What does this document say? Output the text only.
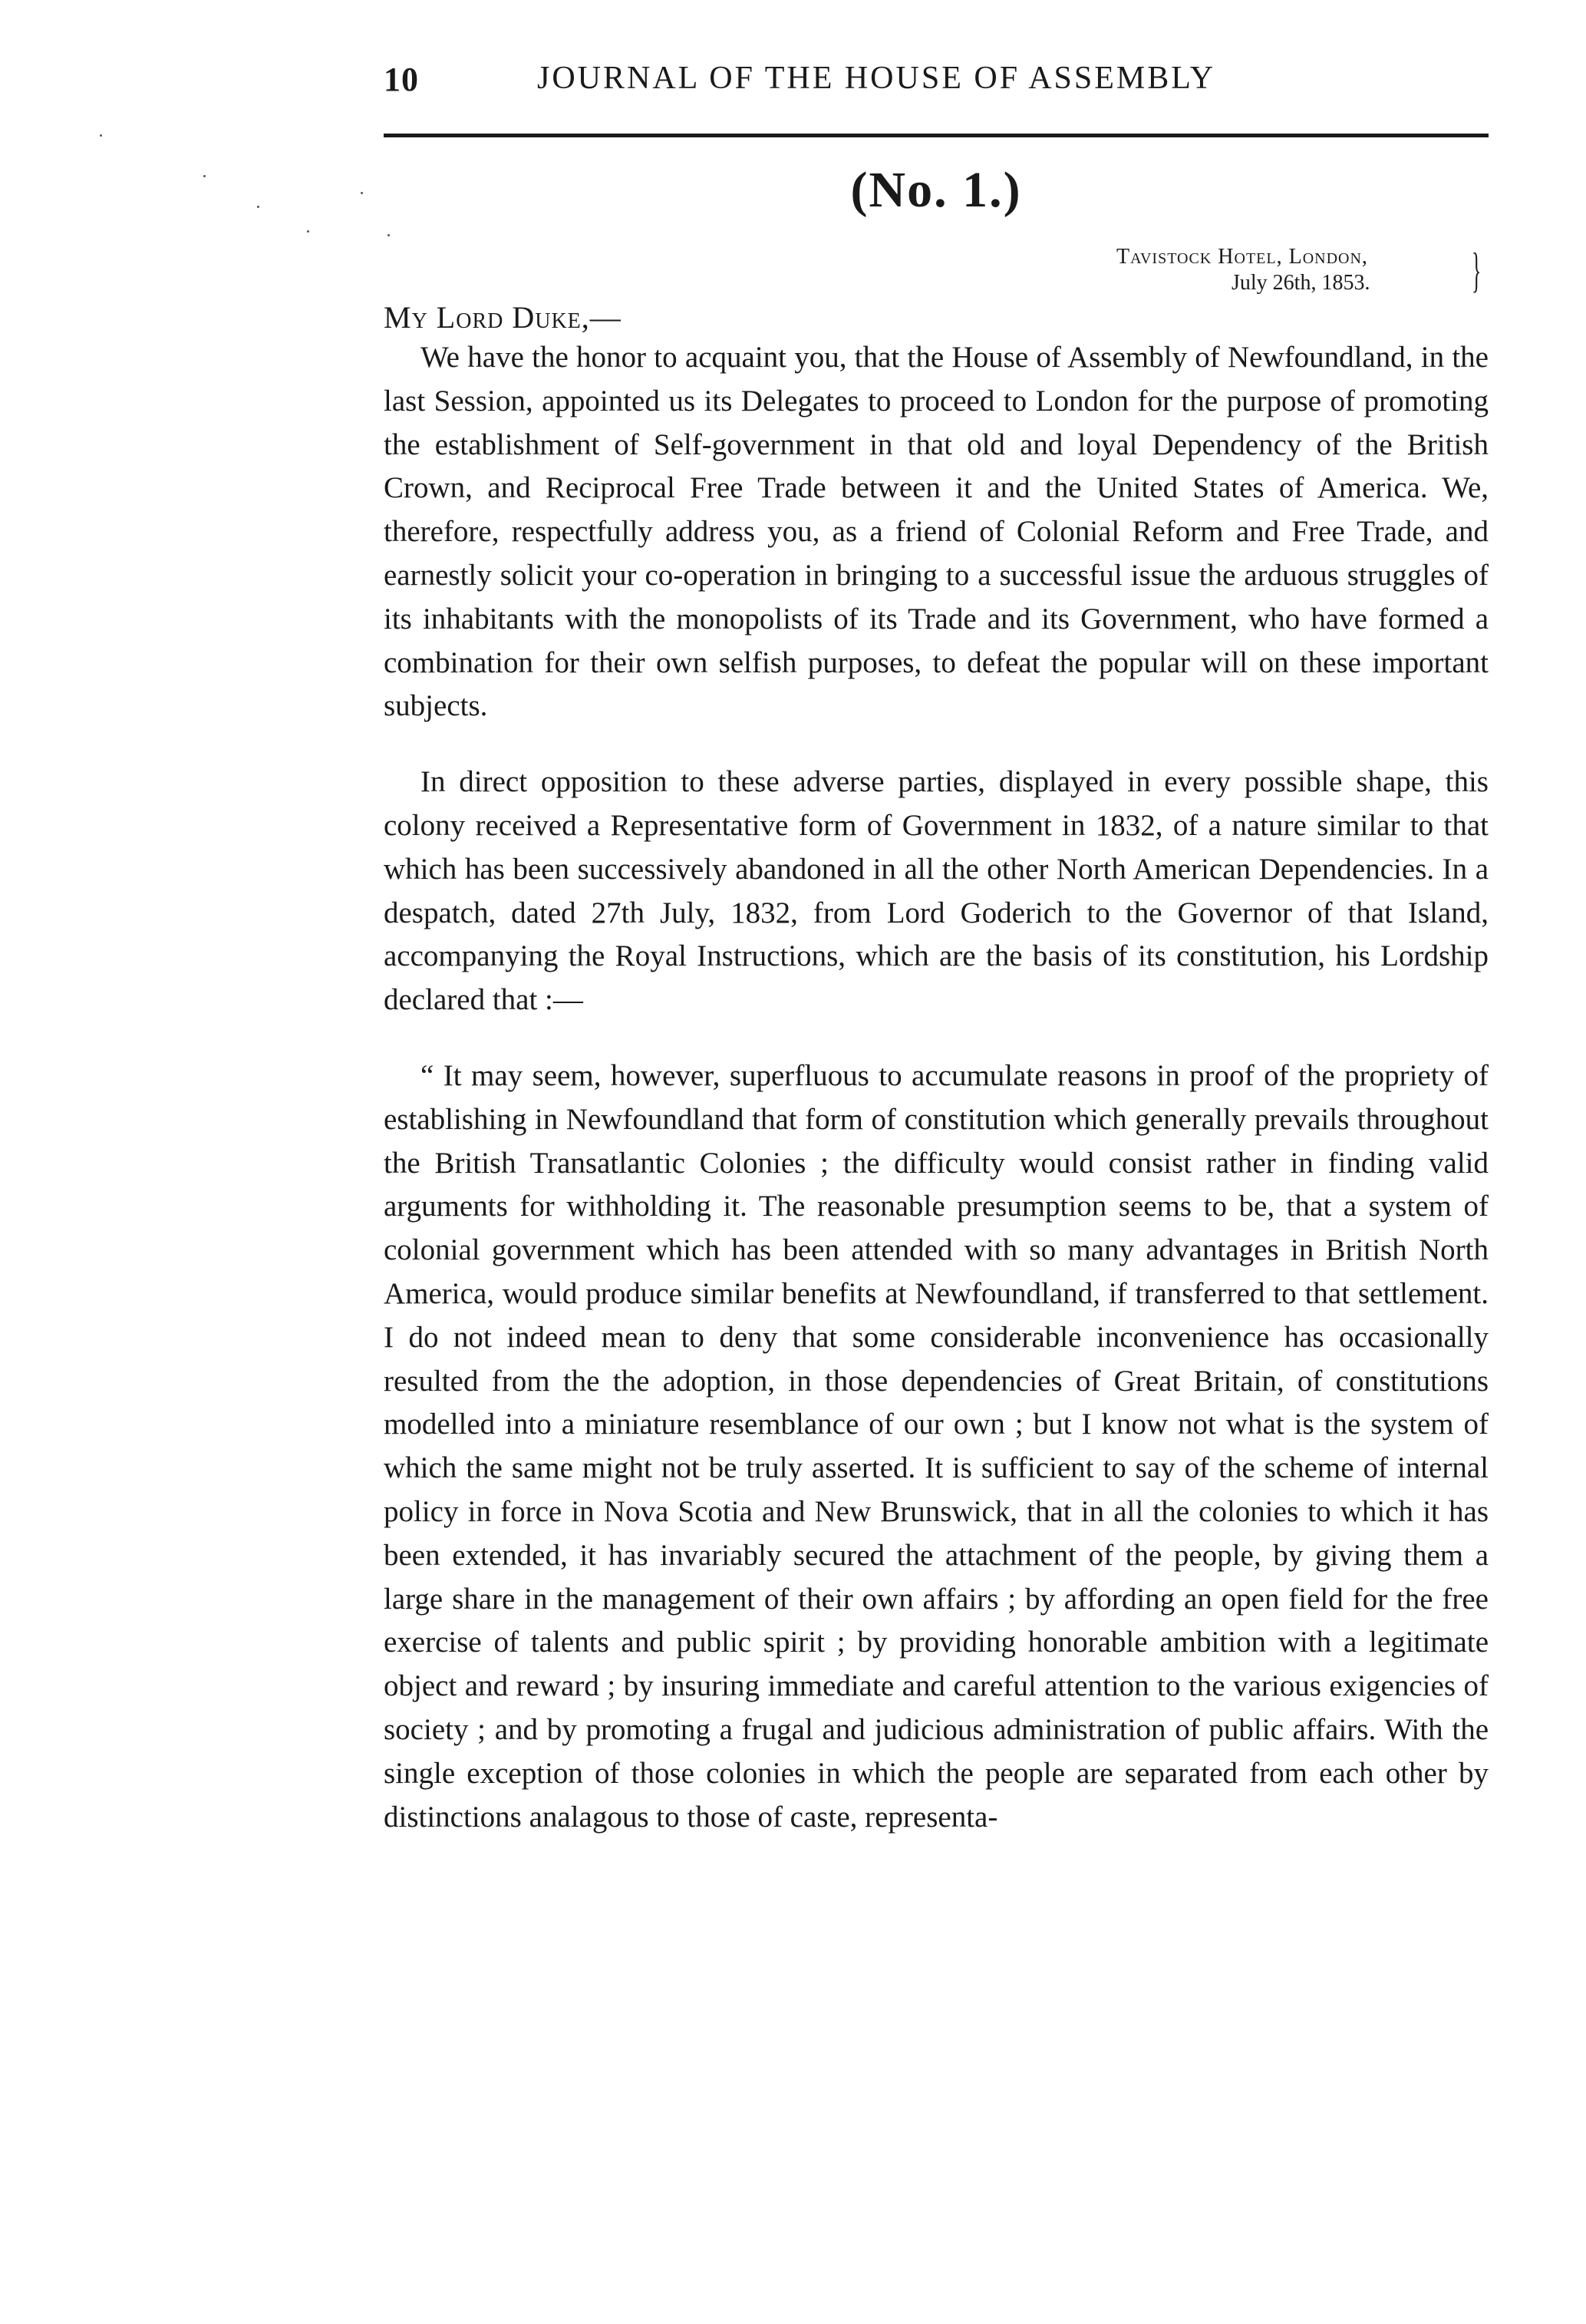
10	JOURNAL OF THE HOUSE OF ASSEMBLY
(No. 1.)
Tavistock Hotel, London,
July 26th, 1853.	}
My Lord Duke,—

We have the honor to acquaint you, that the House of Assembly of Newfoundland, in the last Session, appointed us its Delegates to proceed to London for the purpose of promoting the establishment of Self-government in that old and loyal Dependency of the British Crown, and Reciprocal Free Trade between it and the United States of America. We, therefore, respectfully address you, as a friend of Colonial Reform and Free Trade, and earnestly solicit your co-operation in bringing to a successful issue the arduous struggles of its inhabitants with the monopolists of its Trade and its Government, who have formed a combination for their own selfish purposes, to defeat the popular will on these important subjects.

In direct opposition to these adverse parties, displayed in every possible shape, this colony received a Representative form of Government in 1832, of a nature similar to that which has been successively abandoned in all the other North American Dependencies. In a despatch, dated 27th July, 1832, from Lord Goderich to the Governor of that Island, accompanying the Royal Instructions, which are the basis of its constitution, his Lordship declared that :—

“ It may seem, however, superfluous to accumulate reasons in proof of the propriety of establishing in Newfoundland that form of constitution which generally prevails throughout the British Transatlantic Colonies ; the difficulty would consist rather in finding valid arguments for withholding it. The reasonable presumption seems to be, that a system of colonial government which has been attended with so many advantages in British North America, would produce similar benefits at Newfoundland, if transferred to that settlement. I do not indeed mean to deny that some considerable inconvenience has occasionally resulted from the the adoption, in those dependencies of Great Britain, of constitutions modelled into a miniature resemblance of our own ; but I know not what is the system of which the same might not be truly asserted. It is sufficient to say of the scheme of internal policy in force in Nova Scotia and New Brunswick, that in all the colonies to which it has been extended, it has invariably secured the attachment of the people, by giving them a large share in the management of their own affairs ; by affording an open field for the free exercise of talents and public spirit ; by providing honorable ambition with a legitimate object and reward ; by insuring immediate and careful attention to the various exigencies of society ; and by promoting a frugal and judicious administration of public affairs. With the single exception of those colonies in which the people are separated from each other by distinctions analagous to those of caste, representa-
